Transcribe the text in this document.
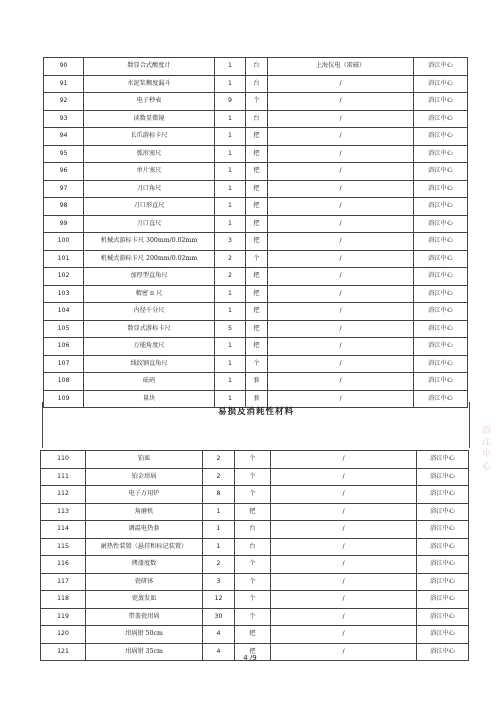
90	数显合式酸度计	1	台	上海仪电（雷磁）	浴江中心
91	水泥浆稠度漏斗	1	台	/	浴江中心
92	电子秒表	9	个	/	浴江中心
93	读数显微镜	1	台	/	浴江中心
94	长爪游标卡尺	1	把	/	浴江中心
95	弧形塞尺	1	把	/	浴江中心
96	单片塞尺	1	把	/	浴江中心
97	刀口角尺	1	把	/	浴江中心
98	刀口形直尺	1	把	/	浴江中心
99	刀口直尺	1	把	/	浴江中心
100	机械式游标卡尺 300mm/0.02mm	3	把	/	浴江中心
101	机械式游标卡尺 200mm/0.02mm	2	个	/	浴江中心
102	加厚型直角尺	2	把	/	浴江中心
103	精密 π 尺	1	把	/	浴江中心
104	内径千分尺	1	把	/	浴江中心
105	数显式游标卡尺	5	把	/	浴江中心
106	万能角度尺	1	把	/	浴江中心
107	线纹钢直角尺	1	个	/	浴江中心
108	砝码	1	套	/	浴江中心
109	量块	1	套	/	浴江中心
易损及消耗性材料
110	铂皿	2	个	/	浴江中心
111	铂金坩埚	2	个	/	浴江中心
112	电子万用炉	8	个	/	浴江中心
113	角磨机	1	把	/	浴江中心
114	调温电热套	1	台	/	浴江中心
115	耐热性装置（悬挂和标记装置）	1	台	/	浴江中心
116	烤漆度数	2	个	/	浴江中心
117	瓷研钵	3	个	/	浴江中心
118	瓷蒸发皿	12	个	/	浴江中心
119	带盖瓷坩埚	30	个	/	浴江中心
120	坩埚钳 50cm	4	把	/	浴江中心
121	坩埚钳 35cm	4	把	/	浴江中心
4 /9
浴江中心
